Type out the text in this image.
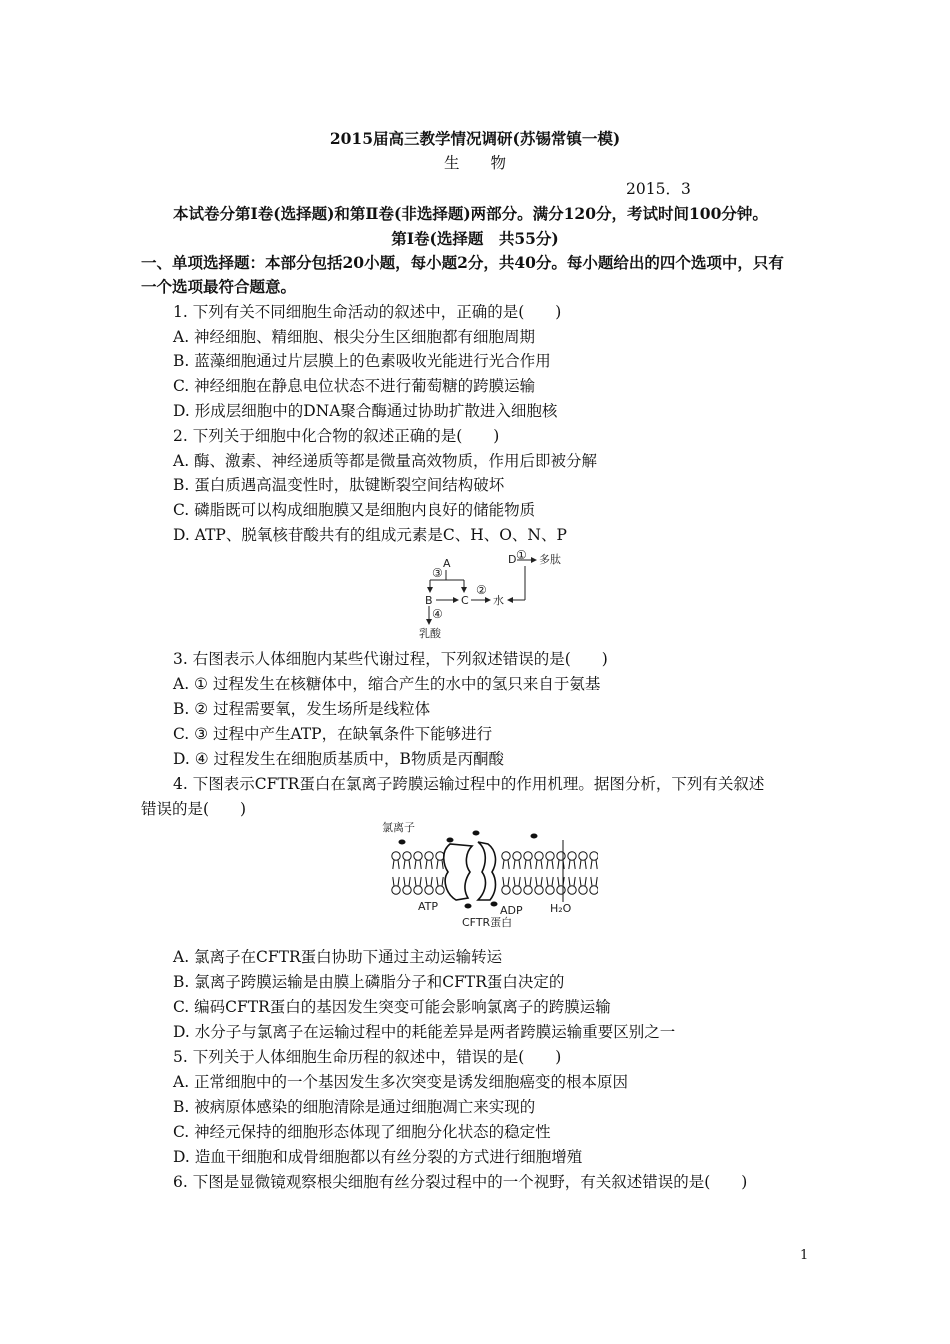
2015届高三教学情况调研(苏锡常镇一模)
生　　物
2015．3
本试卷分第Ⅰ卷(选择题)和第Ⅱ卷(非选择题)两部分。满分120分，考试时间100分钟。
第Ⅰ卷(选择题　共55分)
一、单项选择题：本部分包括20小题，每小题2分，共40分。每小题给出的四个选项中，只有
一个选项最符合题意。
1. 下列有关不同细胞生命活动的叙述中，正确的是(　　)
A. 神经细胞、精细胞、根尖分生区细胞都有细胞周期
B. 蓝藻细胞通过片层膜上的色素吸收光能进行光合作用
C. 神经细胞在静息电位状态不进行葡萄糖的跨膜运输
D. 形成层细胞中的DNA聚合酶通过协助扩散进入细胞核
2. 下列关于细胞中化合物的叙述正确的是(　　)
A. 酶、激素、神经递质等都是微量高效物质，作用后即被分解
B. 蛋白质遇高温变性时，肽键断裂空间结构破坏
C. 磷脂既可以构成细胞膜又是细胞内良好的储能物质
D. ATP、脱氧核苷酸共有的组成元素是C、H、O、N、P
D ① 多肽
A
③
B	C
②
水
④
乳酸
3. 右图表示人体细胞内某些代谢过程，下列叙述错误的是(　　)
A. ① 过程发生在核糖体中，缩合产生的水中的氢只来自于氨基
B. ② 过程需要氧，发生场所是线粒体
C. ③ 过程中产生ATP，在缺氧条件下能够进行
D. ④ 过程发生在细胞质基质中，B物质是丙酮酸
4. 下图表示CFTR蛋白在氯离子跨膜运输过程中的作用机理。据图分析，下列有关叙述
错误的是(　　)
氯离子
ATP	ADP
CFTR蛋白
H₂O
A. 氯离子在CFTR蛋白协助下通过主动运输转运
B. 氯离子跨膜运输是由膜上磷脂分子和CFTR蛋白决定的
C. 编码CFTR蛋白的基因发生突变可能会影响氯离子的跨膜运输
D. 水分子与氯离子在运输过程中的耗能差异是两者跨膜运输重要区别之一
5. 下列关于人体细胞生命历程的叙述中，错误的是(　　)
A. 正常细胞中的一个基因发生多次突变是诱发细胞癌变的根本原因
B. 被病原体感染的细胞清除是通过细胞凋亡来实现的
C. 神经元保持的细胞形态体现了细胞分化状态的稳定性
D. 造血干细胞和成骨细胞都以有丝分裂的方式进行细胞增殖
6. 下图是显微镜观察根尖细胞有丝分裂过程中的一个视野，有关叙述错误的是(　　)
1
